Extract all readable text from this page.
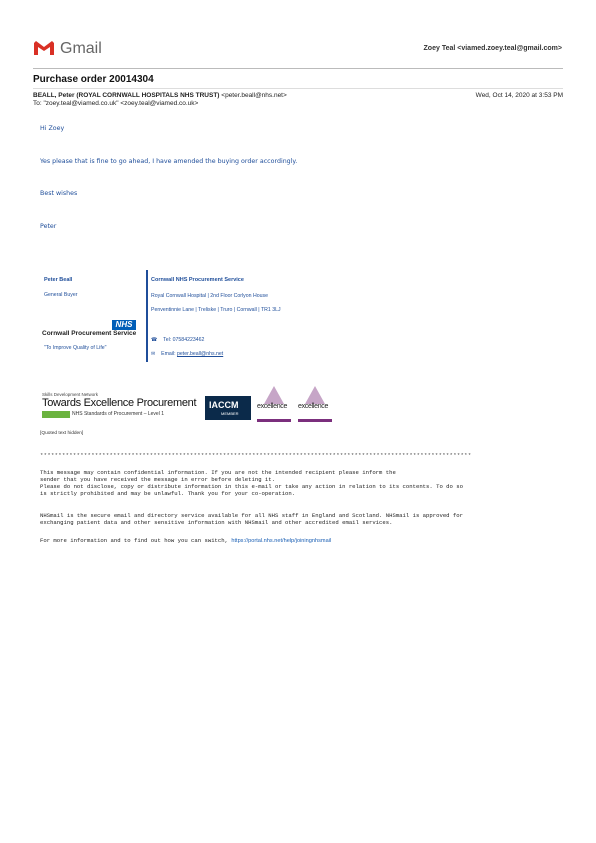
Gmail	Zoey Teal <viamed.zoey.teal@gmail.com>
Purchase order 20014304
BEALL, Peter (ROYAL CORNWALL HOSPITALS NHS TRUST) <peter.beall@nhs.net>	Wed, Oct 14, 2020 at 3:53 PM
To: "zoey.teal@viamed.co.uk" <zoey.teal@viamed.co.uk>
Hi Zoey
Yes please that is fine to go ahead, I have amended the buying order accordingly.
Best wishes
Peter
Peter Beall
General Buyer
Cornwall NHS Procurement Service
Royal Cornwall Hospital | 2nd Floor Corlyon House
Penventinnie Lane | Treliske | Truro | Cornwall | TR1 3LJ
NHS
Cornwall Procurement Service
"To Improve Quality of Life"
☎ Tel: 07584223462
✉ Email: peter.beall@nhs.net
Skills Development Network
Towards Excellence Procurement
NHS Standards of Procurement – Level 1
IACCM
MEMBER
excellence excellence
[Quoted text hidden]
**********************************************************************************************************************
This message may contain confidential information. If you are not the intended recipient please inform the
sender that you have received the message in error before deleting it.
Please do not disclose, copy or distribute information in this e-mail or take any action in relation to its contents. To do so
is strictly prohibited and may be unlawful. Thank you for your co-operation.
NHSmail is the secure email and directory service available for all NHS staff in England and Scotland. NHSmail is approved for
exchanging patient data and other sensitive information with NHSmail and other accredited email services.
For more information and to find out how you can switch, https://portal.nhs.net/help/joiningnhsmail
